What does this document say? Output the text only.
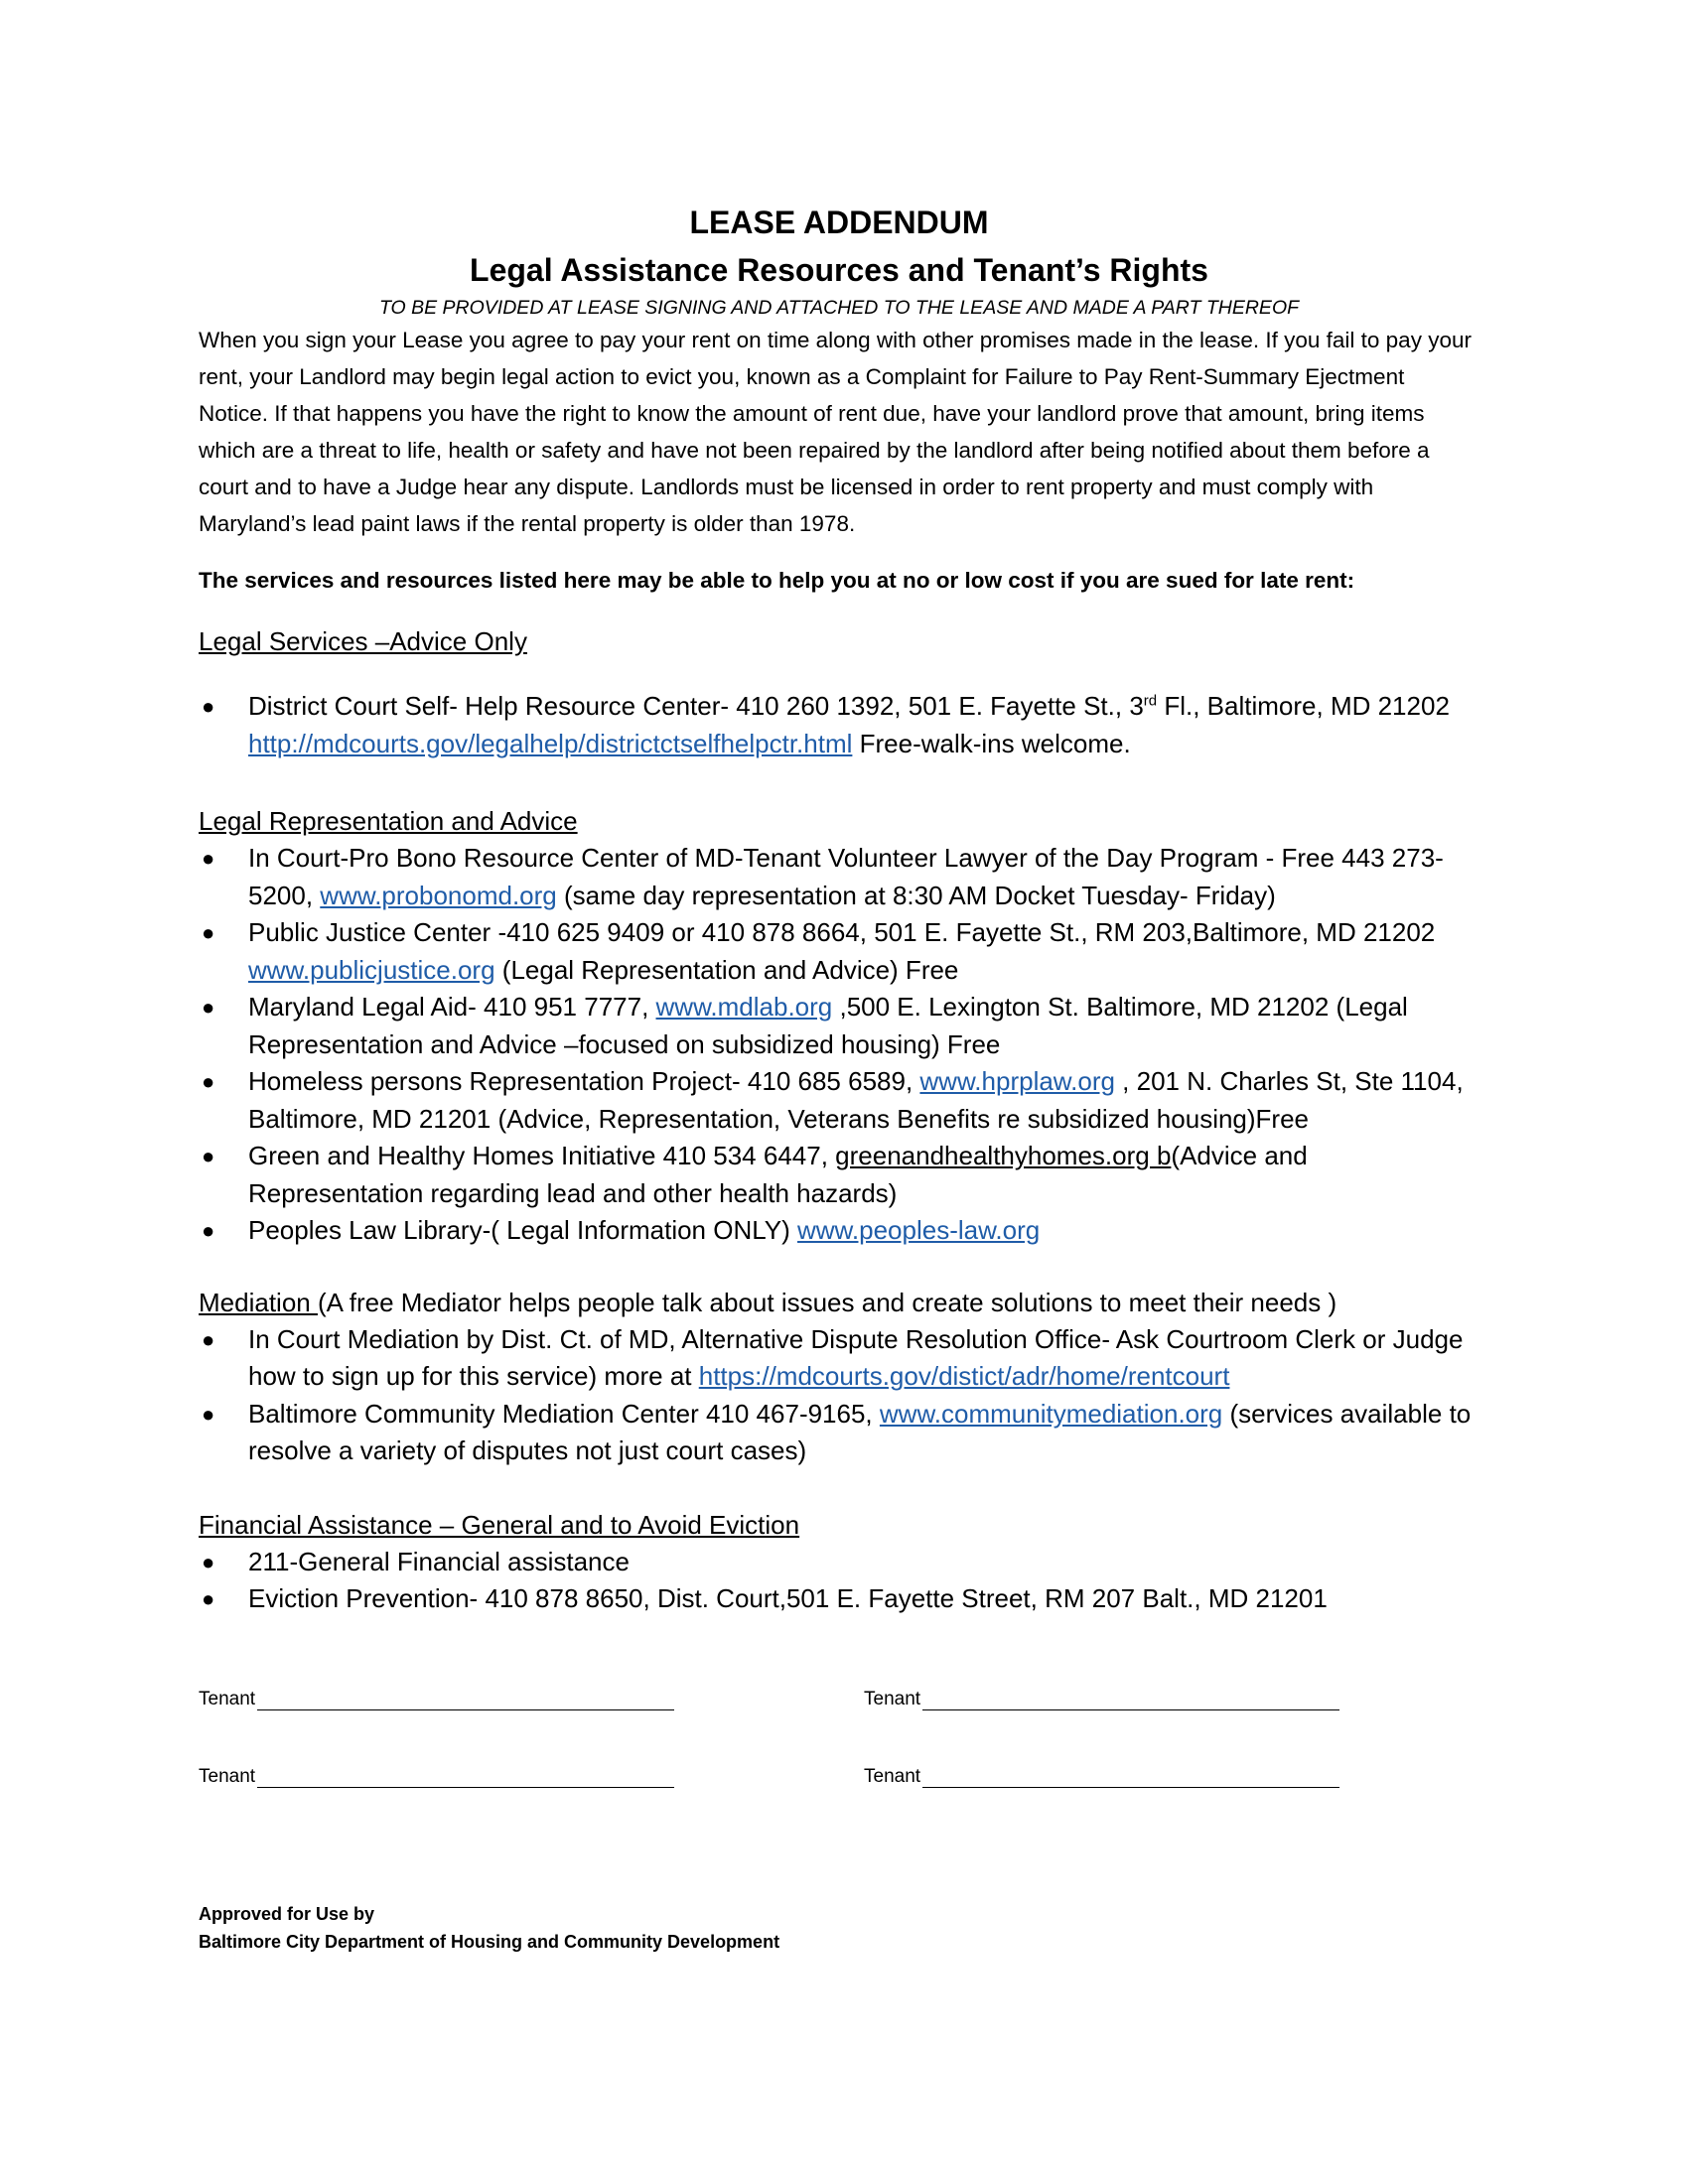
LEASE ADDENDUM
Legal Assistance Resources and Tenant’s Rights

TO BE PROVIDED AT LEASE SIGNING AND ATTACHED TO THE LEASE AND MADE A PART THEREOF

When you sign your Lease you agree to pay your rent on time along with other promises made in the lease. If you fail to pay your rent, your Landlord may begin legal action to evict you, known as a Complaint for Failure to Pay Rent-Summary Ejectment Notice. If that happens you have the right to know the amount of rent due, have your landlord prove that amount, bring items which are a threat to life, health or safety and have not been repaired by the landlord after being notified about them before a court and to have a Judge hear any dispute. Landlords must be licensed in order to rent property and must comply with Maryland’s lead paint laws if the rental property is older than 1978.

The services and resources listed here may be able to help you at no or low cost if you are sued for late rent:

Legal Services –Advice Only
● District Court Self- Help Resource Center- 410 260 1392, 501 E. Fayette St., 3rd Fl., Baltimore, MD 21202 http://mdcourts.gov/legalhelp/districtctselfhelpctr.html Free-walk-ins welcome.
Legal Representation and Advice
● In Court-Pro Bono Resource Center of MD-Tenant Volunteer Lawyer of the Day Program - Free 443 273-5200, www.probonomd.org (same day representation at 8:30 AM Docket Tuesday- Friday)
● Public Justice Center -410 625 9409 or 410 878 8664, 501 E. Fayette St., RM 203,Baltimore, MD 21202 www.publicjustice.org (Legal Representation and Advice) Free
● Maryland Legal Aid- 410 951 7777, www.mdlab.org ,500 E. Lexington St. Baltimore, MD 21202 (Legal Representation and Advice –focused on subsidized housing) Free
● Homeless persons Representation Project- 410 685 6589, www.hprplaw.org , 201 N. Charles St, Ste 1104, Baltimore, MD 21201 (Advice, Representation, Veterans Benefits re subsidized housing)Free
● Green and Healthy Homes Initiative 410 534 6447, greenandhealthyhomes.org b(Advice and Representation regarding lead and other health hazards)
● Peoples Law Library-( Legal Information ONLY) www.peoples-law.org
Mediation (A free Mediator helps people talk about issues and create solutions to meet their needs )
● In Court Mediation by Dist. Ct. of MD, Alternative Dispute Resolution Office- Ask Courtroom Clerk or Judge how to sign up for this service) more at https://mdcourts.gov/distict/adr/home/rentcourt
● Baltimore Community Mediation Center 410 467-9165, www.communitymediation.org (services available to resolve a variety of disputes not just court cases)
Financial Assistance – General and to Avoid Eviction
● 211-General Financial assistance
● Eviction Prevention- 410 878 8650, Dist. Court,501 E. Fayette Street, RM 207 Balt., MD 21201
Tenant	Tenant
Tenant	Tenant
Approved for Use by
Baltimore City Department of Housing and Community Development
